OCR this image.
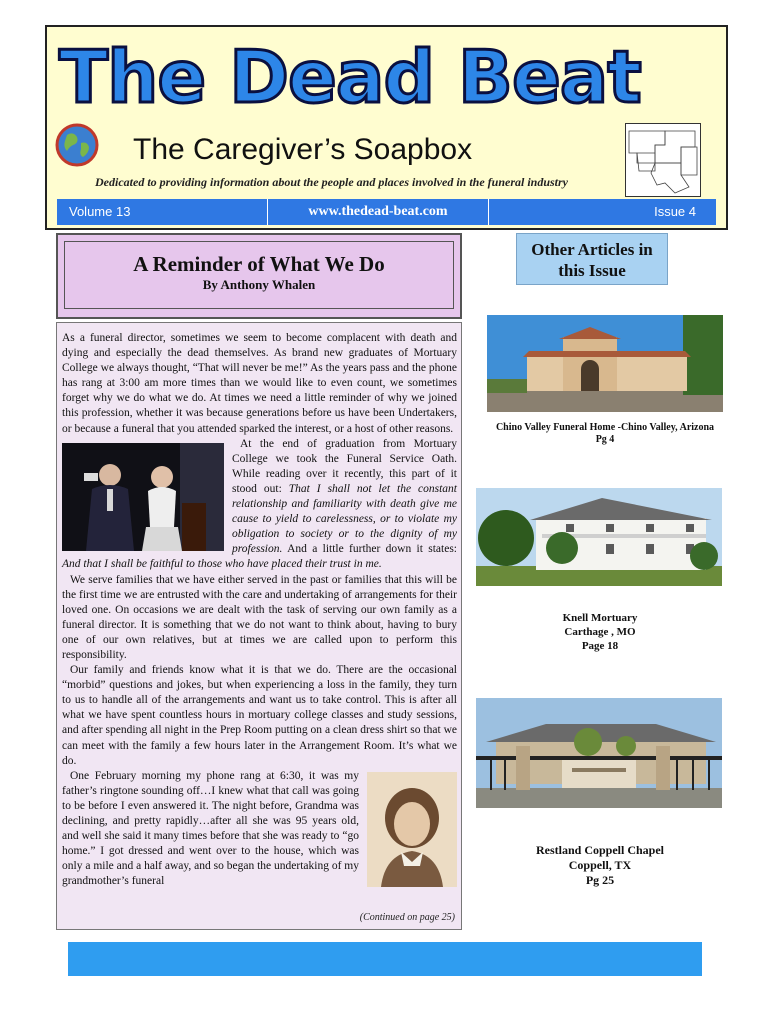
The Dead Beat
The Caregiver’s Soapbox
Dedicated to providing information about the people and places involved in the funeral industry
Volume 13	www.thedead-beat.com	Issue 4
A Reminder of What We Do
By Anthony Whalen

As a funeral director, sometimes we seem to become complacent with death and dying and especially the dead themselves. As brand new graduates of Mortuary College we always thought, “That will never be me!” As the years pass and the phone has rang at 3:00 am more times than we would like to even count, we sometimes forget why we do what we do. At times we need a little reminder of why we joined this profession, whether it was because generations before us have been Undertakers, or because a funeral that you attended sparked the interest, or a host of other reasons.

At the end of graduation from Mortuary College we took the Funeral Service Oath. While reading over it recently, this part of it stood out: That I shall not let the constant relationship and familiarity with death give me cause to yield to carelessness, or to violate my obligation to society or to the dignity of my profession. And a little further down it states: And that I shall be faithful to those who have placed their trust in me.

We serve families that we have either served in the past or families that this will be the first time we are entrusted with the care and undertaking of arrangements for their loved one. On occasions we are dealt with the task of serving our own family as a funeral director. It is something that we do not want to think about, having to bury one of our own relatives, but at times we are called upon to perform this responsibility.

Our family and friends know what it is that we do. There are the occasional “morbid” questions and jokes, but when experiencing a loss in the family, they turn to us to handle all of the arrangements and want us to take control. This is after all what we have spent countless hours in mortuary college classes and study sessions, and after spending all night in the Prep Room putting on a clean dress shirt so that we can meet with the family a few hours later in the Arrangement Room. It’s what we do.

One February morning my phone rang at 6:30, it was my father’s ringtone sounding off…I knew what that call was going to be before I even answered it. The night before, Grandma was declining, and pretty rapidly…after all she was 95 years old, and well she said it many times before that she was ready to “go home.” I got dressed and went over to the house, which was only a mile and a half away, and so began the undertaking of my grandmother’s funeral

(Continued on page 25)
Other Articles in this Issue
Chino Valley Funeral Home -Chino Valley, Arizona
Pg 4
Knell Mortuary
Carthage , MO
Page 18
Restland Coppell Chapel
Coppell, TX
Pg 25
